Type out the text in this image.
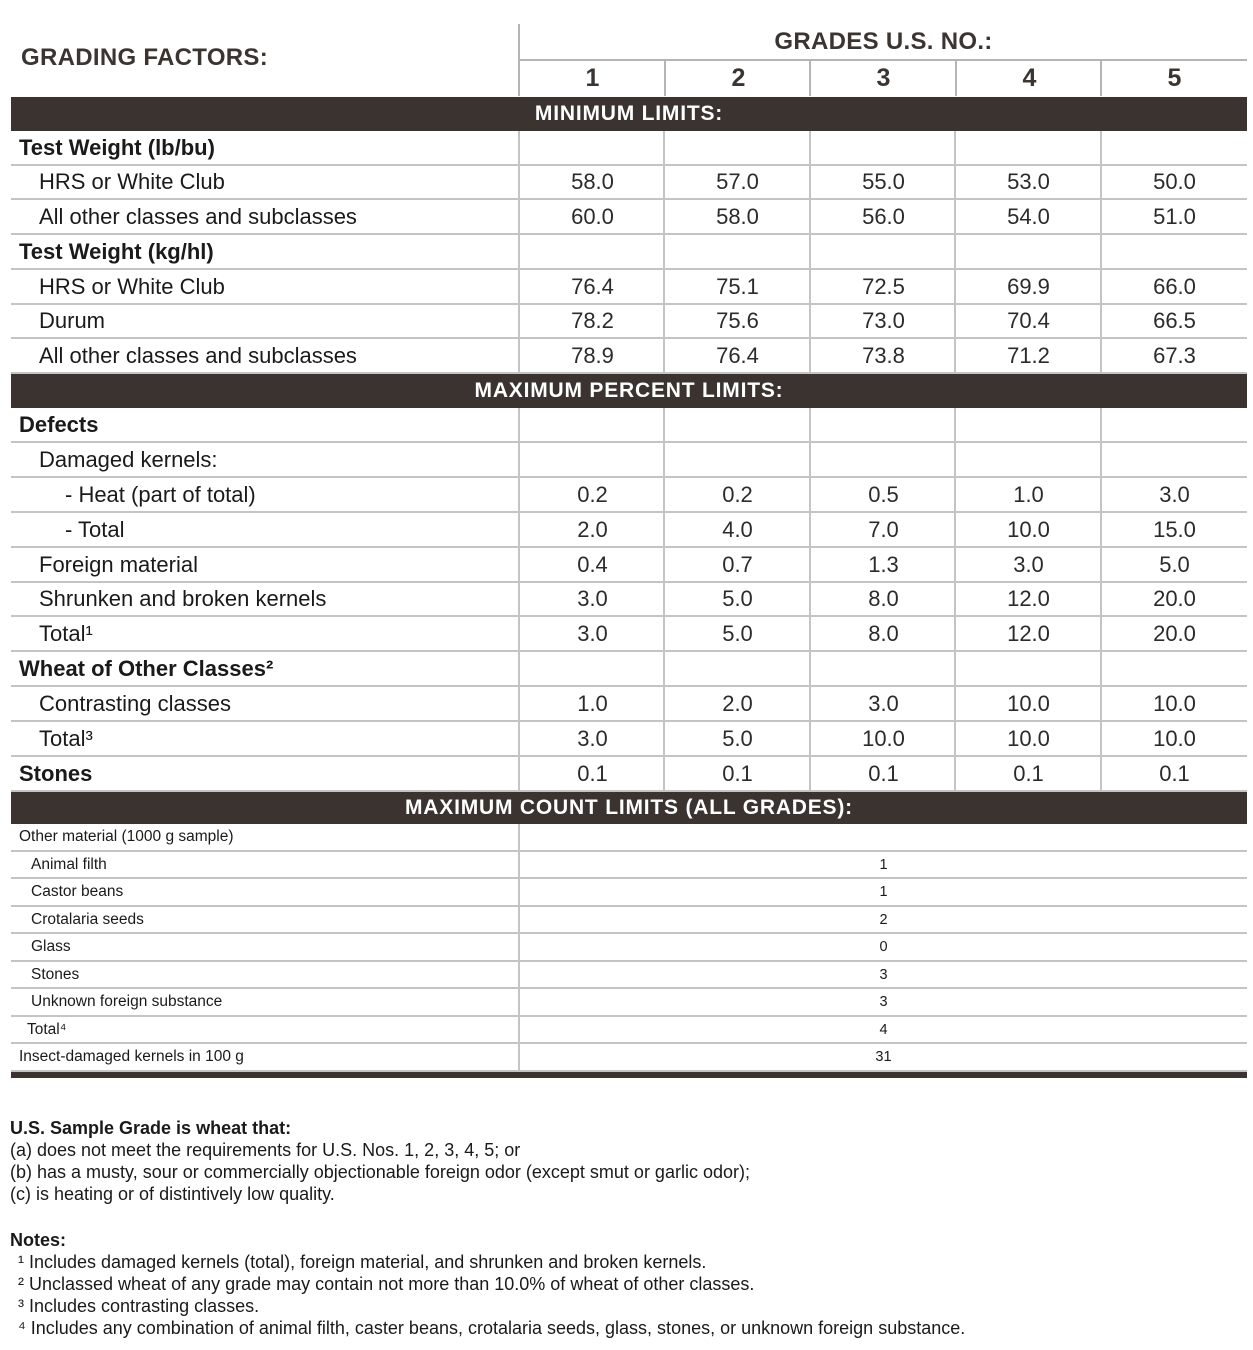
GRADING FACTORS:
GRADES U.S. NO.:
1	2	3	4	5
MINIMUM LIMITS:
MAXIMUM PERCENT LIMITS:
MAXIMUM COUNT LIMITS (ALL GRADES):
Test Weight (lb/bu)
HRS or White Club	58.0	57.0	55.0	53.0	50.0
All other classes and subclasses	60.0	58.0	56.0	54.0	51.0
Test Weight (kg/hl)
HRS or White Club	76.4	75.1	72.5	69.9	66.0
Durum	78.2	75.6	73.0	70.4	66.5
All other classes and subclasses	78.9	76.4	73.8	71.2	67.3
Defects
Damaged kernels:
- Heat (part of total)	0.2	0.2	0.5	1.0	3.0
- Total	2.0	4.0	7.0	10.0	15.0
Foreign material	0.4	0.7	1.3	3.0	5.0
Shrunken and broken kernels	3.0	5.0	8.0	12.0	20.0
Total¹	3.0	5.0	8.0	12.0	20.0
Wheat of Other Classes²
Contrasting classes	1.0	2.0	3.0	10.0	10.0
Total³	3.0	5.0	10.0	10.0	10.0
Stones	0.1	0.1	0.1	0.1	0.1
Other material (1000 g sample)
Animal filth	1
Castor beans	1
Crotalaria seeds	2
Glass	0
Stones	3
Unknown foreign substance	3
Total⁴	4
Insect-damaged kernels in 100 g	31
U.S. Sample Grade is wheat that:
(a) does not meet the requirements for U.S. Nos. 1, 2, 3, 4, 5; or
(b) has a musty, sour or commercially objectionable foreign odor (except smut or garlic odor);
(c) is heating or of distintively low quality.
Notes:
¹ Includes damaged kernels (total), foreign material, and shrunken and broken kernels.
² Unclassed wheat of any grade may contain not more than 10.0% of wheat of other classes.
³ Includes contrasting classes.
⁴ Includes any combination of animal filth, caster beans, crotalaria seeds, glass, stones, or unknown foreign substance.
